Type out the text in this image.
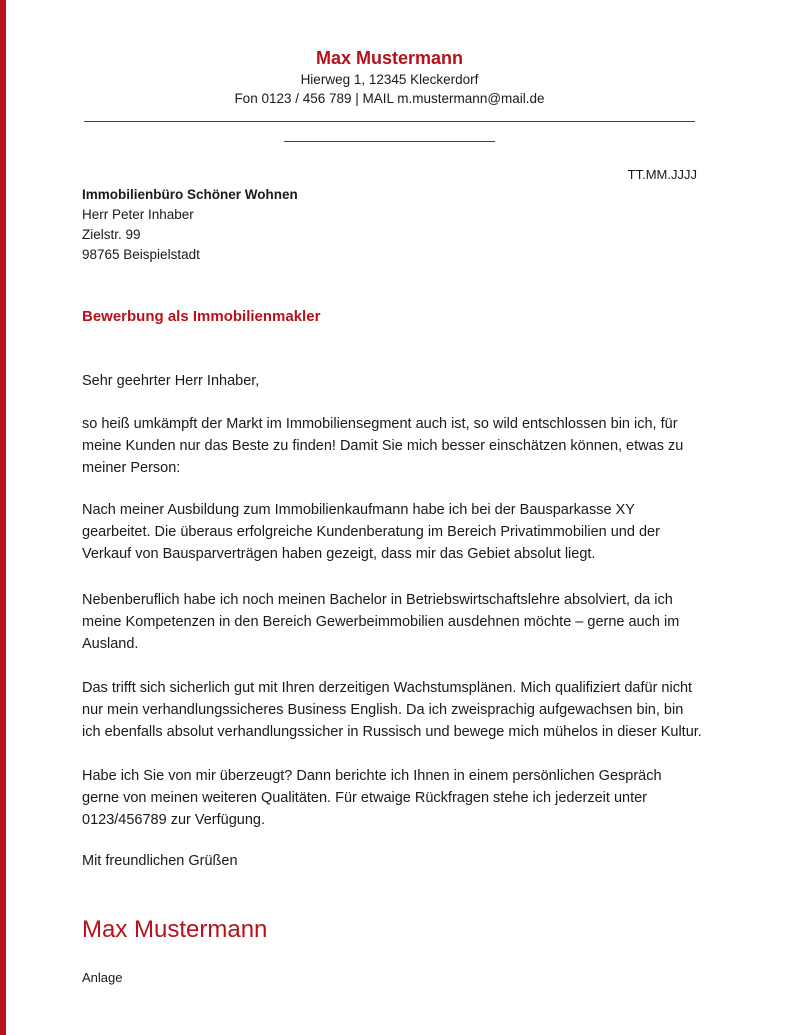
Max Mustermann
Hierweg 1, 12345 Kleckerdorf
Fon 0123 / 456 789 | MAIL m.mustermann@mail.de
TT.MM.JJJJ
Immobilienbüro Schöner Wohnen
Herr Peter Inhaber
Zielstr. 99
98765 Beispielstadt
Bewerbung als Immobilienmakler

Sehr geehrter Herr Inhaber,

so heiß umkämpft der Markt im Immobiliensegment auch ist, so wild entschlossen bin ich, für meine Kunden nur das Beste zu finden! Damit Sie mich besser einschätzen können, etwas zu meiner Person:

Nach meiner Ausbildung zum Immobilienkaufmann habe ich bei der Bausparkasse XY gearbeitet. Die überaus erfolgreiche Kundenberatung im Bereich Privatimmobilien und der Verkauf von Bausparverträgen haben gezeigt, dass mir das Gebiet absolut liegt.

Nebenberuflich habe ich noch meinen Bachelor in Betriebswirtschaftslehre absolviert, da ich meine Kompetenzen in den Bereich Gewerbeimmobilien ausdehnen möchte – gerne auch im Ausland.

Das trifft sich sicherlich gut mit Ihren derzeitigen Wachstumsplänen. Mich qualifiziert dafür nicht nur mein verhandlungssicheres Business English. Da ich zweisprachig aufgewachsen bin, bin ich ebenfalls absolut verhandlungssicher in Russisch und bewege mich mühelos in dieser Kultur.

Habe ich Sie von mir überzeugt? Dann berichte ich Ihnen in einem persönlichen Gespräch gerne von meinen weiteren Qualitäten. Für etwaige Rückfragen stehe ich jederzeit unter 0123/456789 zur Verfügung.

Mit freundlichen Grüßen

Max Mustermann
Anlage
